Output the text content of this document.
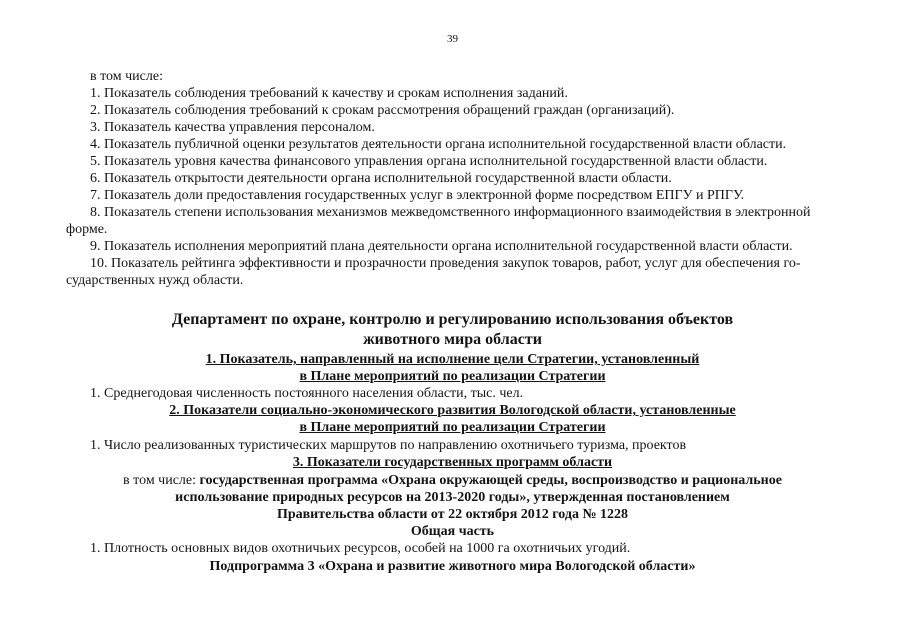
39
в том числе:
1. Показатель соблюдения требований к качеству и срокам исполнения заданий.
2. Показатель соблюдения требований к срокам рассмотрения обращений граждан (организаций).
3. Показатель качества управления персоналом.
4. Показатель публичной оценки результатов деятельности органа исполнительной государственной власти области.
5. Показатель уровня качества финансового управления органа исполнительной государственной власти области.
6. Показатель открытости деятельности органа исполнительной государственной власти области.
7. Показатель доли предоставления государственных услуг в электронной форме посредством ЕПГУ и РПГУ.
8. Показатель степени использования механизмов межведомственного информационного взаимодействия в электронной
форме.
9. Показатель исполнения мероприятий плана деятельности органа исполнительной государственной власти области.
10. Показатель рейтинга эффективности и прозрачности проведения закупок товаров, работ, услуг для обеспечения го-
сударственных нужд области.
Департамент по охране, контролю и регулированию использования объектов
животного мира области
1. Показатель, направленный на исполнение цели Стратегии, установленный
в Плане мероприятий по реализации Стратегии
1. Среднегодовая численность постоянного населения области, тыс. чел.
2. Показатели социально-экономического развития Вологодской области, установленные
в Плане мероприятий по реализации Стратегии
1. Число реализованных туристических маршрутов по направлению охотничьего туризма, проектов
3. Показатели государственных программ области
в том числе: государственная программа «Охрана окружающей среды, воспроизводство и рациональное
использование природных ресурсов на 2013-2020 годы», утвержденная постановлением
Правительства области от 22 октября 2012 года № 1228
Общая часть
1. Плотность основных видов охотничьих ресурсов, особей на 1000 га охотничьих угодий.
Подпрограмма 3 «Охрана и развитие животного мира Вологодской области»
